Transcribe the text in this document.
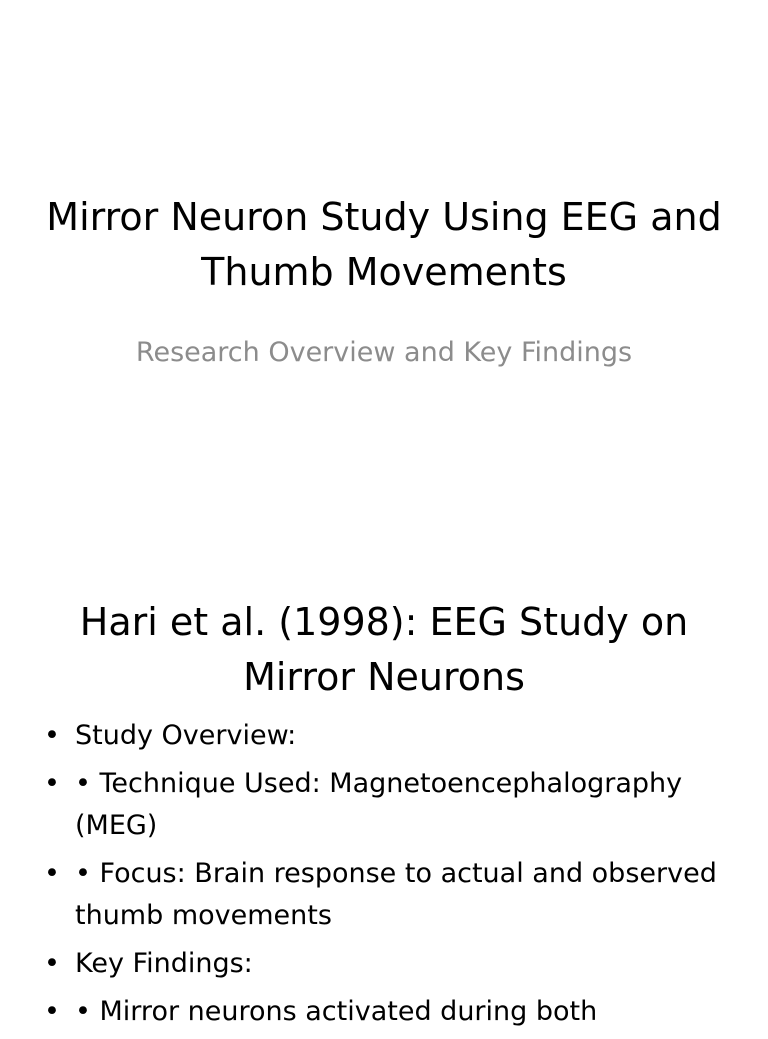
Mirror Neuron Study Using EEG and Thumb Movements
Research Overview and Key Findings
Hari et al. (1998): EEG Study on Mirror Neurons
• Study Overview:
• • Technique Used: Magnetoencephalography (MEG)
• • Focus: Brain response to actual and observed thumb movements
• Key Findings:
• • Mirror neurons activated during both
